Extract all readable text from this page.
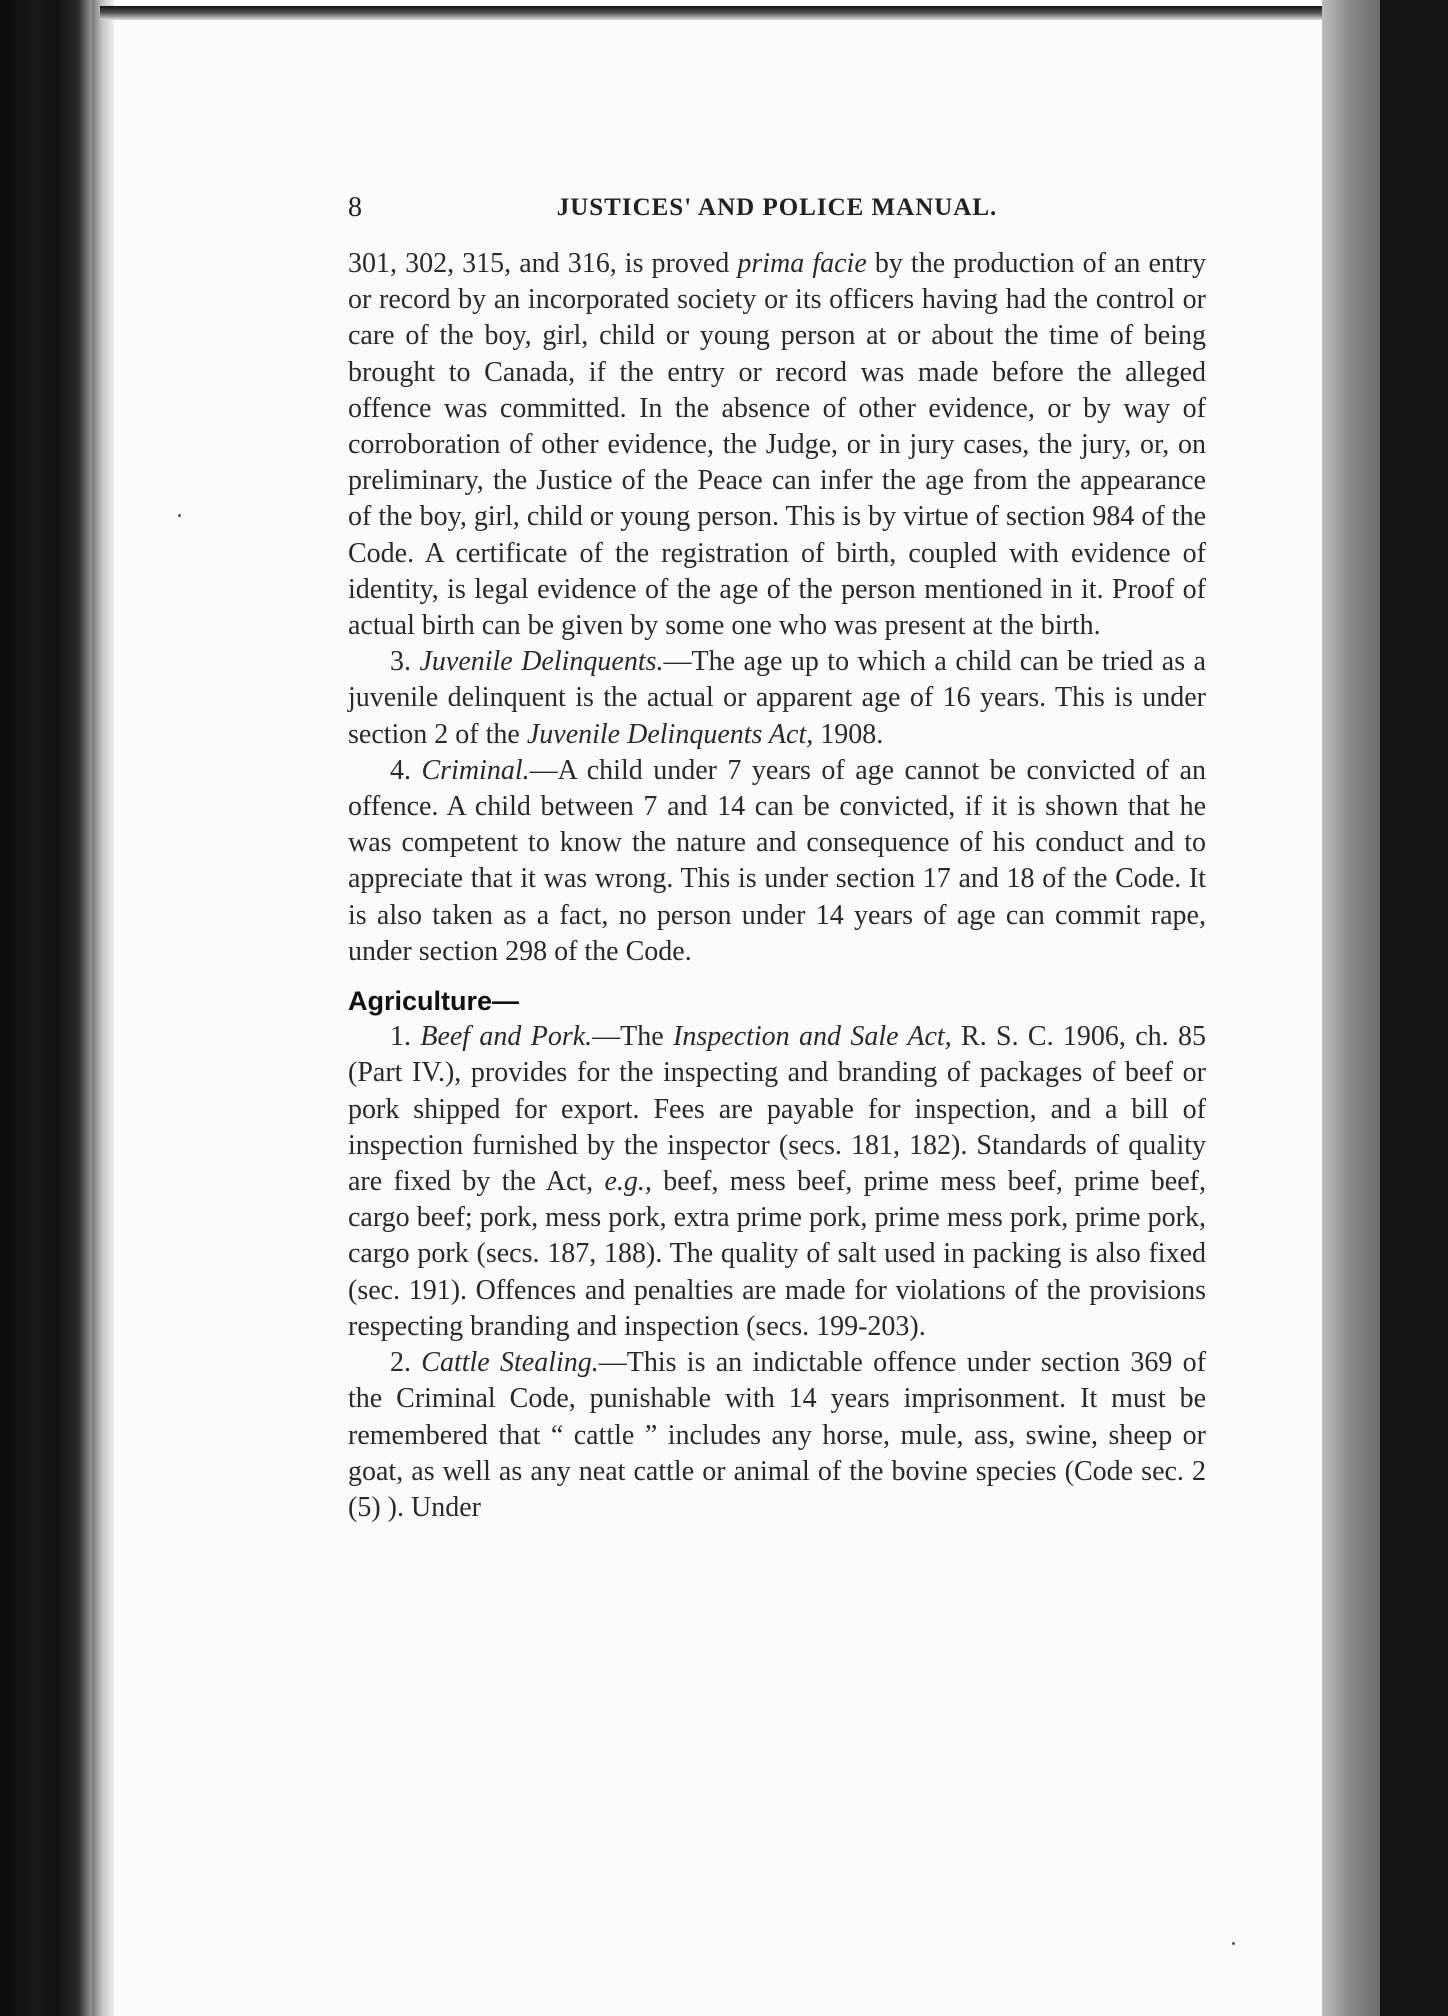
8	JUSTICES' AND POLICE MANUAL.

301, 302, 315, and 316, is proved prima facie by the production of an entry or record by an incorporated society or its officers having had the control or care of the boy, girl, child or young person at or about the time of being brought to Canada, if the entry or record was made before the alleged offence was committed. In the absence of other evidence, or by way of corroboration of other evidence, the Judge, or in jury cases, the jury, or, on preliminary, the Justice of the Peace can infer the age from the appearance of the boy, girl, child or young person. This is by virtue of section 984 of the Code. A certificate of the registration of birth, coupled with evidence of identity, is legal evidence of the age of the person mentioned in it. Proof of actual birth can be given by some one who was present at the birth.

3. Juvenile Delinquents.—The age up to which a child can be tried as a juvenile delinquent is the actual or apparent age of 16 years. This is under section 2 of the Juvenile Delinquents Act, 1908.

4. Criminal.—A child under 7 years of age cannot be convicted of an offence. A child between 7 and 14 can be convicted, if it is shown that he was competent to know the nature and consequence of his conduct and to appreciate that it was wrong. This is under section 17 and 18 of the Code. It is also taken as a fact, no person under 14 years of age can commit rape, under section 298 of the Code.

Agriculture—

1. Beef and Pork.—The Inspection and Sale Act, R. S. C. 1906, ch. 85 (Part IV.), provides for the inspecting and branding of packages of beef or pork shipped for export. Fees are payable for inspection, and a bill of inspection furnished by the inspector (secs. 181, 182). Standards of quality are fixed by the Act, e.g., beef, mess beef, prime mess beef, prime beef, cargo beef; pork, mess pork, extra prime pork, prime mess pork, prime pork, cargo pork (secs. 187, 188). The quality of salt used in packing is also fixed (sec. 191). Offences and penalties are made for violations of the provisions respecting branding and inspection (secs. 199-203).

2. Cattle Stealing.—This is an indictable offence under section 369 of the Criminal Code, punishable with 14 years imprisonment. It must be remembered that “ cattle ” includes any horse, mule, ass, swine, sheep or goat, as well as any neat cattle or animal of the bovine species (Code sec. 2 (5) ). Under
